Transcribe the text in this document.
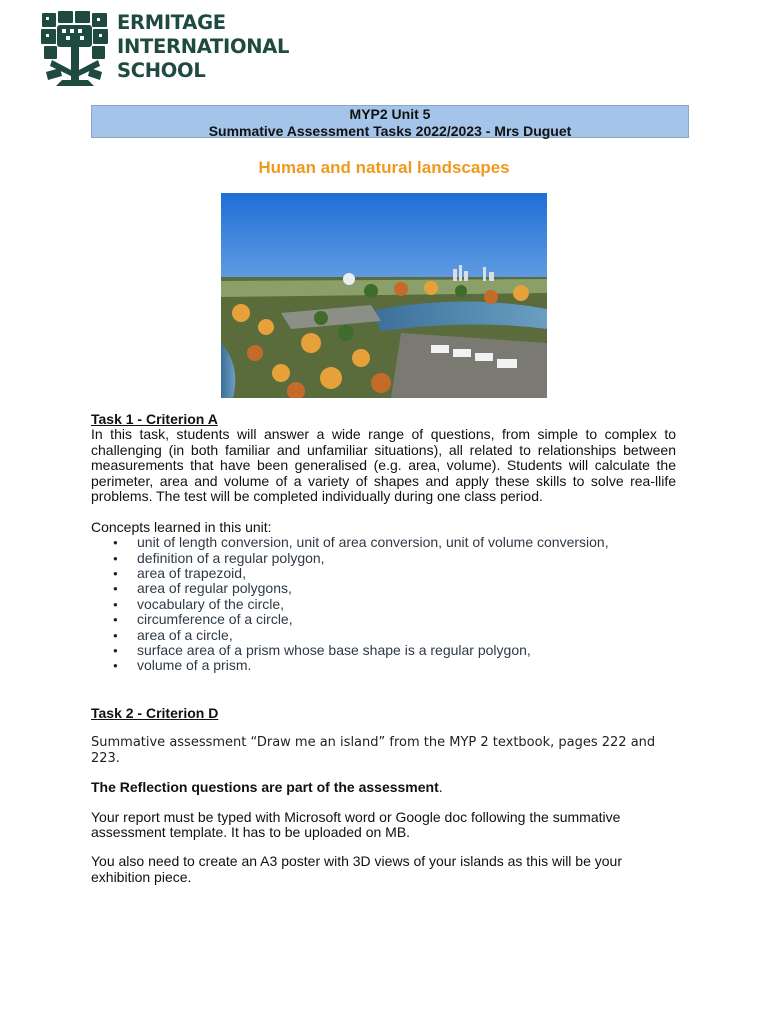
ERMITAGE
INTERNATIONAL
SCHOOL
MYP2 Unit 5
Summative Assessment Tasks 2022/2023 - Mrs Duguet
Human and natural landscapes
Task 1 - Criterion A

In this task, students will answer a wide range of questions, from simple to complex to challenging (in both familiar and unfamiliar situations), all related to relationships between measurements that have been generalised (e.g. area, volume). Students will calculate the perimeter, area and volume of a variety of shapes and apply these skills to solve rea-llife problems. The test will be completed individually during one class period.

Concepts learned in this unit:

● unit of length conversion, unit of area conversion, unit of volume conversion,
● definition of a regular polygon,
● area of trapezoid,
● area of regular polygons,
● vocabulary of the circle,
● circumference of a circle,
● area of a circle,
● surface area of a prism whose base shape is a regular polygon,
● volume of a prism.
Task 2 - Criterion D

Summative assessment “Draw me an island” from the MYP 2 textbook, pages 222 and 223.

The Reflection questions are part of the assessment.

Your report must be typed with Microsoft word or Google doc following the summative assessment template. It has to be uploaded on MB.

You also need to create an A3 poster with 3D views of your islands as this will be your exhibition piece.
